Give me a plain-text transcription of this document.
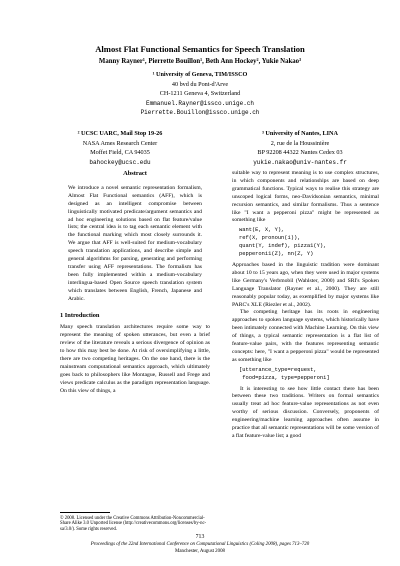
Almost Flat Functional Semantics for Speech Translation
Manny Rayner¹, Pierrette Bouillon¹, Beth Ann Hockey², Yukie Nakao³
¹ University of Geneva, TIM/ISSCO
40 bvd du Pont-d'Arve
CH-1211 Geneva 4, Switzerland
Emmanuel.Rayner@issco.unige.ch
Pierrette.Bouillon@issco.unige.ch
² UCSC UARC, Mail Stop 19-26
NASA Ames Research Center
Moffet Field, CA 94035
bahockey@ucsc.edu
³ University of Nantes, LINA
2, rue de la Houssinière
BP 92208 44322 Nantes Cedex 03
yukie.nakao@univ-nantes.fr
Abstract

We introduce a novel semantic representation formalism, Almost Flat Functional semantics (AFF), which is designed as an intelligent compromise between linguistically motivated predicate/argument semantics and ad hoc engineering solutions based on flat feature/value lists; the central idea is to tag each semantic element with the functional marking which most closely surrounds it. We argue that AFF is well-suited for medium-vocabulary speech translation applications, and describe simple and general algorithms for parsing, generating and performing transfer using AFF representations. The formalism has been fully implemented within a medium-vocabulary interlingua-based Open Source speech translation system which translates between English, French, Japanese and Arabic.

1 Introduction

Many speech translation architectures require some way to represent the meaning of spoken utterances, but even a brief review of the literature reveals a serious divergence of opinion as to how this may best be done. At risk of oversimplifying a little, there are two competing heritages. On the one hand, there is the mainstream computational semantics approach, which ultimately goes back to philosophers like Montague, Russell and Frege and views predicate calculus as the paradigm representation language. On this view of things, a

© 2008. Licensed under the Creative Commons Attribution-Noncommercial-Share Alike 3.0 Unported license (http://creativecommons.org/licenses/by-nc-sa/3.0/). Some rights reserved.

suitable way to represent meaning is to use complex structures, in which components and relationships are based on deep grammatical functions. Typical ways to realise this strategy are unscoped logical forms, neo-Davidsonian semantics, minimal recursion semantics, and similar formalisms. Thus a sentence like "I want a pepperoni pizza" might be represented as something like

want(E, X, Y),
ref(X, pronoun(i)),
quant(Y, indef), pizza1(Y),
pepperoni1(Z), nn(Z, Y)

Approaches based in the linguistic tradition were dominant about 10 to 15 years ago, when they were used in major systems like Germany's Verbmobil (Wahlster, 2000) and SRI's Spoken Language Translator (Rayner et al., 2000). They are still reasonably popular today, as exemplified by major systems like PARC's XLE (Riezler et al., 2002).

The competing heritage has its roots in engineering approaches to spoken language systems, which historically have been intimately connected with Machine Learning. On this view of things, a typical semantic representation is a flat list of feature-value pairs, with the features representing semantic concepts: here, "I want a pepperoni pizza" would be represented as something like

[utterance_type=request,
food=pizza, type=pepperoni]

It is interesting to see how little contact there has been between these two traditions. Writers on formal semantics usually treat ad hoc feature-value representations as not even worthy of serious discussion. Conversely, proponents of engineering/machine learning approaches often assume in practice that all semantic representations will be some version of a flat feature-value list; a good

713
Proceedings of the 22nd International Conference on Computational Linguistics (Coling 2008), pages 713–720
Manchester, August 2008
